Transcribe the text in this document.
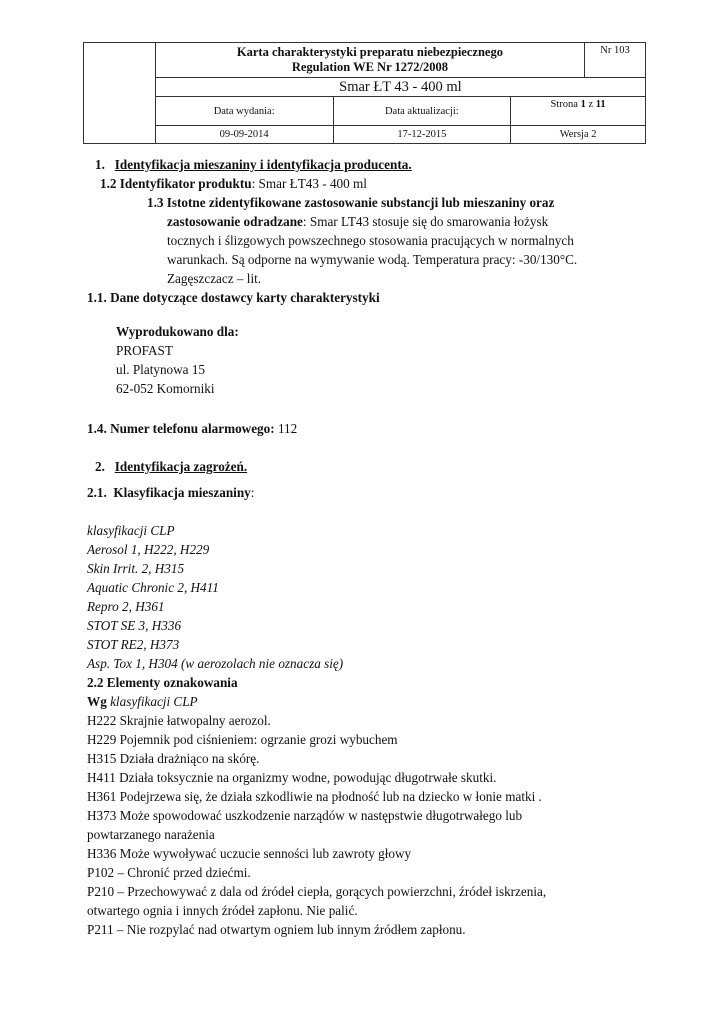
	Karta charakterystyki preparatu niebezpiecznego
Regulation WE Nr 1272/2008			Nr 103
	Smar ŁT 43 - 400 ml			
	Data wydania:	Data aktualizacji:	Strona 1 z 11	
	09-09-2014	17-12-2015	Wersja 2	
1. Identyfikacja mieszaniny i identyfikacja producenta.
1.2 Identyfikator produktu: Smar ŁT43 - 400 ml
1.3 Istotne zidentyfikowane zastosowanie substancji lub mieszaniny oraz
zastosowanie odradzane: Smar LT43 stosuje się do smarowania łożysk
tocznych i ślizgowych powszechnego stosowania pracujących w normalnych
warunkach. Są odporne na wymywanie wodą. Temperatura pracy: -30/130°C.
Zagęszczacz – lit.
1.1. Dane dotyczące dostawcy karty charakterystyki
Wyprodukowano dla:
PROFAST
ul. Platynowa 15
62-052 Komorniki
1.4. Numer telefonu alarmowego: 112
2. Identyfikacja zagrożeń.
2.1. Klasyfikacja mieszaniny:
klasyfikacji CLP
Aerosol 1, H222, H229
Skin Irrit. 2, H315
Aquatic Chronic 2, H411
Repro 2, H361
STOT SE 3, H336
STOT RE2, H373
Asp. Tox 1, H304 (w aerozolach nie oznacza się)
2.2 Elementy oznakowania
Wg klasyfikacji CLP
H222 Skrajnie łatwopalny aerozol.
H229 Pojemnik pod ciśnieniem: ogrzanie grozi wybuchem
H315 Działa drażniąco na skórę.
H411 Działa toksycznie na organizmy wodne, powodując długotrwałe skutki.
H361 Podejrzewa się, że działa szkodliwie na płodność lub na dziecko w łonie matki .
H373 Może spowodować uszkodzenie narządów w następstwie długotrwałego lub
powtarzanego narażenia
H336 Może wywoływać uczucie senności lub zawroty głowy
P102 – Chronić przed dziećmi.
P210 – Przechowywać z dala od źródeł ciepła, gorących powierzchni, źródeł iskrzenia,
otwartego ognia i innych źródeł zapłonu. Nie palić.
P211 – Nie rozpylać nad otwartym ogniem lub innym źródłem zapłonu.
